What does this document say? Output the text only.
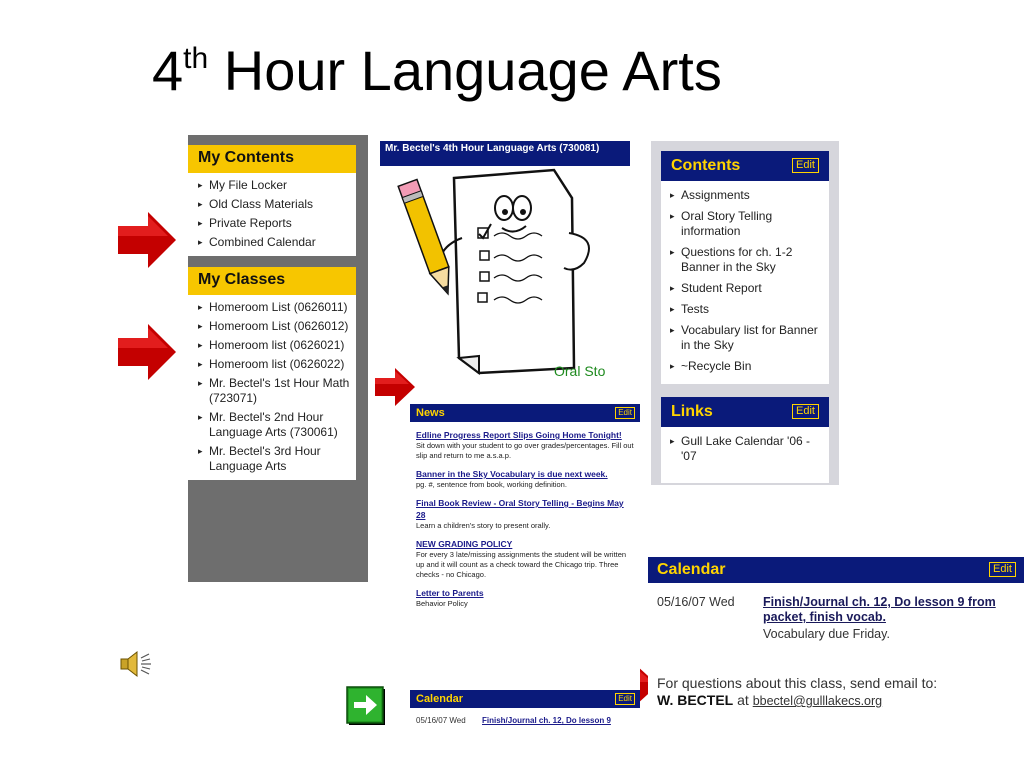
4th Hour Language Arts
My Contents
▸ My File Locker
▸ Old Class Materials
▸ Private Reports
▸ Combined Calendar
My Classes
▸ Homeroom List (0626011)
▸ Homeroom List (0626012)
▸ Homeroom list (0626021)
▸ Homeroom list (0626022)
▸ Mr. Bectel's 1st Hour Math (723071)
▸ Mr. Bectel's 2nd Hour Language Arts (730061)
▸ Mr. Bectel's 3rd Hour Language Arts
Mr. Bectel's 4th Hour Language Arts (730081)
Oral Sto
News	Edit
Edline Progress Report Slips Going Home Tonight!
Sit down with your student to go over grades/percentages. Fill out slip and return to me a.s.a.p.
Banner in the Sky Vocabulary is due next week.
pg. #, sentence from book, working definition.
Final Book Review - Oral Story Telling - Begins May 28
Learn a children's story to present orally.
NEW GRADING POLICY
For every 3 late/missing assignments the student will be written up and it will count as a check toward the Chicago trip. Three checks - no Chicago.
Letter to Parents
Behavior Policy
Calendar	Edit
05/16/07 Wed Finish/Journal ch. 12, Do lesson 9
Contents	Edit
▸ Assignments
▸ Oral Story Telling information
▸ Questions for ch. 1-2 Banner in the Sky
▸ Student Report
▸ Tests
▸ Vocabulary list for Banner in the Sky
▸ ~Recycle Bin
Links	Edit
▸ Gull Lake Calendar '06 - '07
Calendar	Edit
05/16/07 Wed Finish/Journal ch. 12, Do lesson 9 from packet, finish vocab.
Vocabulary due Friday.
For questions about this class, send email to:
W. BECTEL at bbectel@gulllakecs.org
